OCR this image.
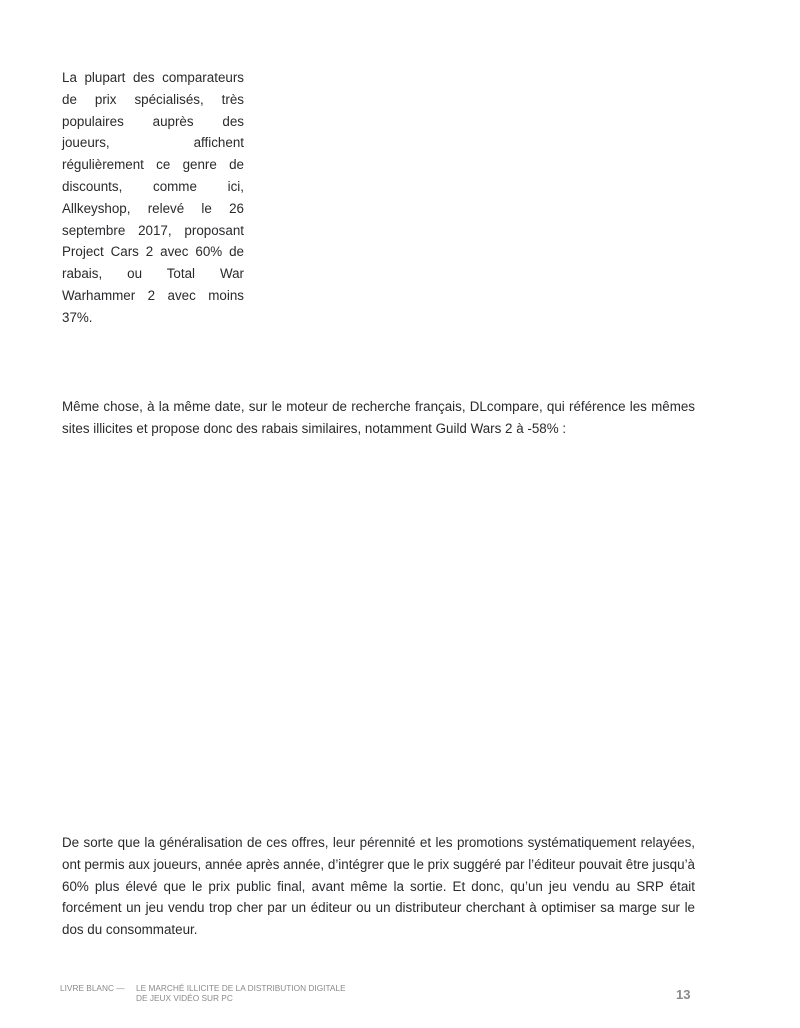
La plupart des comparateurs de prix spécialisés, très populaires auprès des joueurs, affichent régulièrement ce genre de discounts, comme ici, Allkeyshop, relevé le 26 septembre 2017, proposant Project Cars 2 avec 60% de rabais, ou Total War Warhammer 2 avec moins 37%.

Même chose, à la même date, sur le moteur de recherche français, DLcompare, qui référence les mêmes sites illicites et propose donc des rabais similaires, notamment Guild Wars 2 à -58% :

De sorte que la généralisation de ces offres, leur pérennité et les promotions systématiquement relayées, ont permis aux joueurs, année après année, d’intégrer que le prix suggéré par l’éditeur pouvait être jusqu’à 60% plus élevé que le prix public final, avant même la sortie. Et donc, qu’un jeu vendu au SRP était forcément un jeu vendu trop cher par un éditeur ou un distributeur cherchant à optimiser sa marge sur le dos du consommateur.

LIVRE BLANC — LE MARCHÉ ILLICITE DE LA DISTRIBUTION DIGITALE
DE JEUX VIDÉO SUR PC	13
